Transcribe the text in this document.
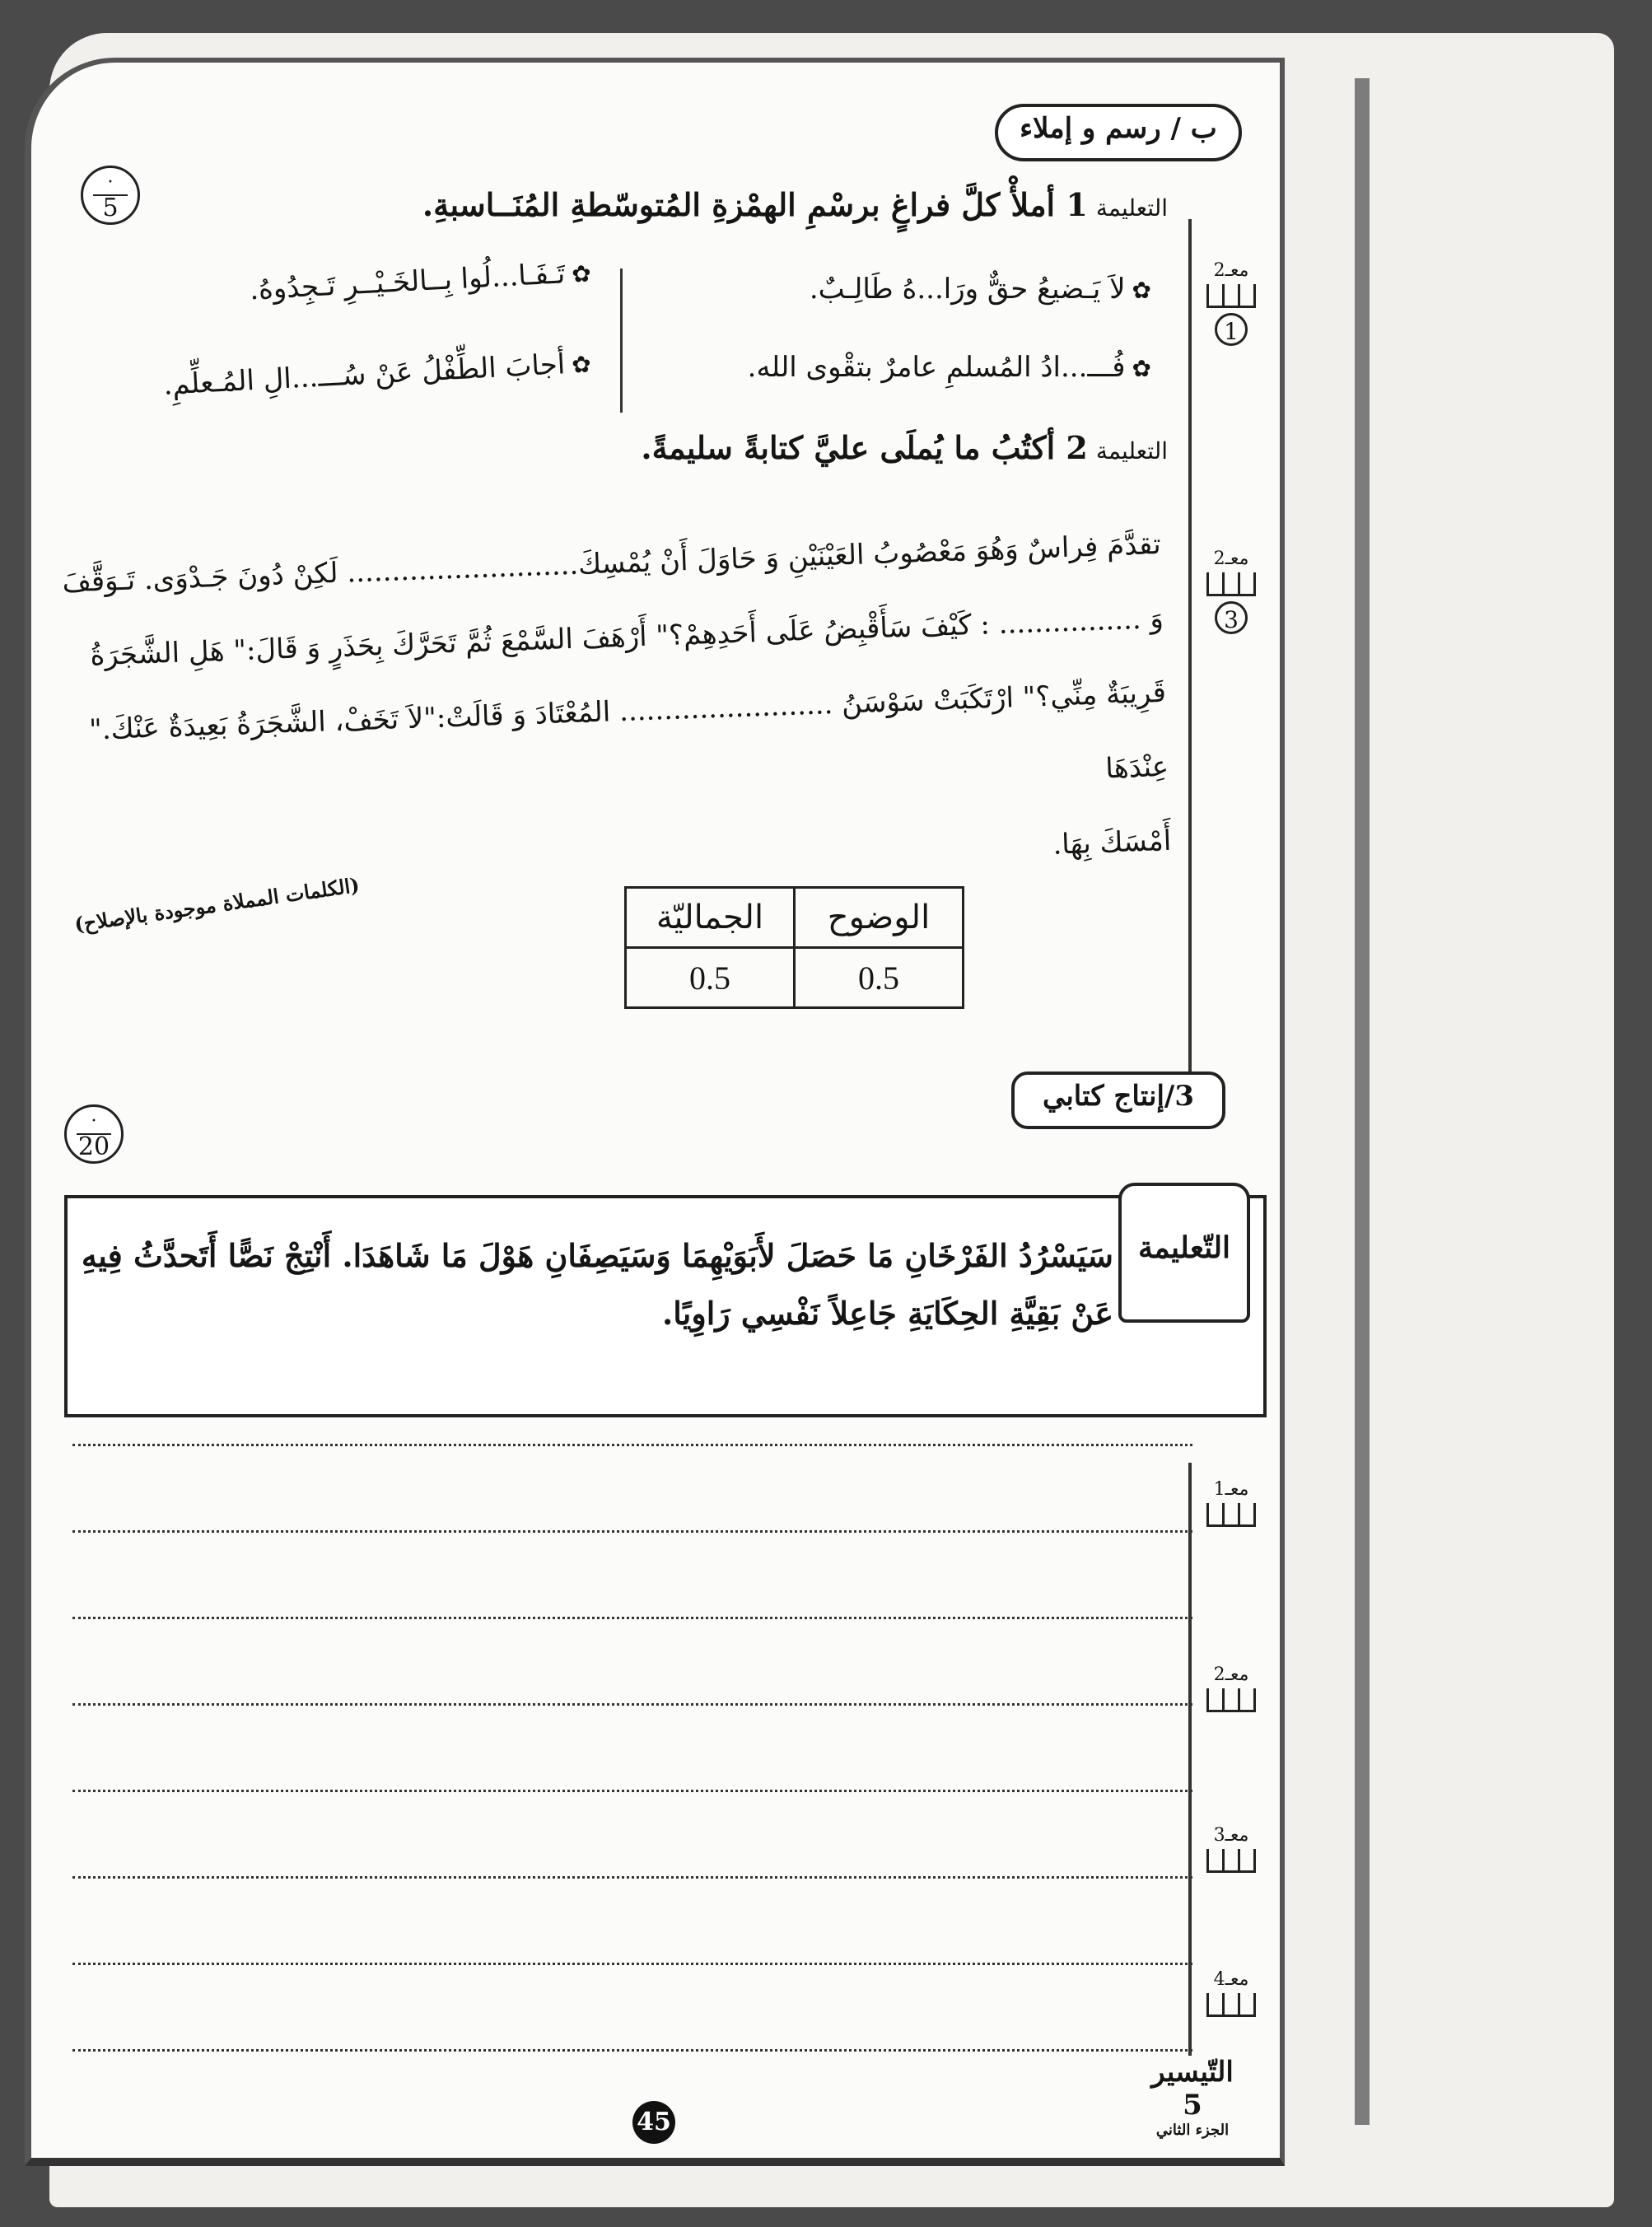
ب / رسم و إملاء
·
5	التعليمة1 أملأْ كلَّ فراغٍ برسْمِ الهمْزةِ المُتوسّطةِ المُنَــاسبةِ.
معـ2
1
✿لاَ يَـضيعُ حقٌّ ورَا...هُ طَالِـبٌ.
✿فُـــ...ادُ المُسلمِ عامرٌ بتقْوى الله.
✿تَـفَـا...لُوا بِــالخَـيْــرِ تَـجِدُوهُ.
✿أجابَ الطِّفْلُ عَنْ سُـــ...الِ المُـعلِّمِ.
التعليمة2 أكتُبُ ما يُملَى عليَّ كتابةً سليمةً.
معـ2
3
تقدَّمَ فِراسٌ وَهُوَ مَعْصُوبُ العَيْنَيْنِ وَ حَاوَلَ أَنْ يُمْسِكَ.......................... لَكِنْ دُونَ جَـدْوَى. تَـوَقَّفَ
وَ ................ : كَيْفَ سَأَقْبِضُ عَلَى أَحَدِهِمْ؟" أَرْهَفَ السَّمْعَ ثُمَّ تَحَرَّكَ بِحَذَرٍ وَ قَالَ:" هَلِ الشَّجَرَةُ
قَرِيبَةٌ مِنِّي؟" ارْتَكَبَتْ سَوْسَنُ ........................ المُعْتَادَ وَ قَالَتْ:"لاَ تَخَفْ، الشَّجَرَةُ بَعِيدَةٌ عَنْكَ." عِنْدَهَا
أَمْسَكَ بِهَا.
(الكلمات المملاة موجودة بالإصلاح)	الجماليّة	الوضوح
0.5	0.5
3/إنتاج كتابي
·
20
سَيَسْرُدُ الفَرْخَانِ مَا حَصَلَ لأَبَوَيْهِمَا وَسَيَصِفَانِ هَوْلَ مَا شَاهَدَا. أَنْتِجْ نَصًّا أَتَحدَّثُ فِيهِ
عَنْ بَقِيَّةِ الحِكَايَةِ جَاعِلاً نَفْسِي رَاوِيًا.
التّعليمة
معـ1
معـ2
معـ3
معـ4
التّيسير 5
الجزء الثاني
45
